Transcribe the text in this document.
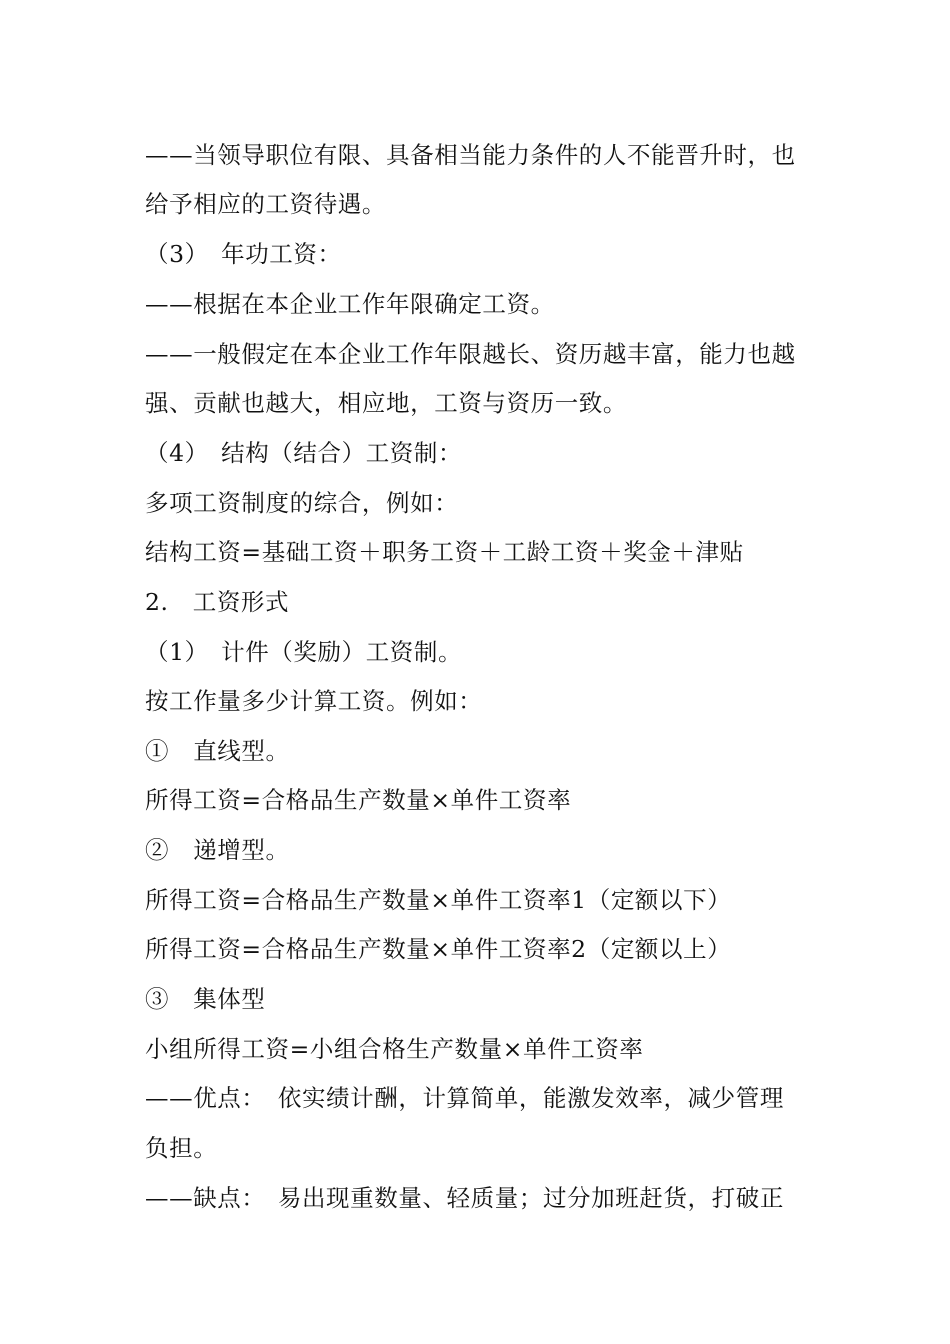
——当领导职位有限、具备相当能力条件的人不能晋升时，也
给予相应的工资待遇。
（3）　年功工资：
——根据在本企业工作年限确定工资。
——一般假定在本企业工作年限越长、资历越丰富，能力也越
强、贡献也越大，相应地，工资与资历一致。
（4）　结构（结合）工资制：
多项工资制度的综合，例如：
结构工资=基础工资＋职务工资＋工龄工资＋奖金＋津贴
2.　工资形式
（1）　计件（奖励）工资制。
按工作量多少计算工资。例如：
①　直线型。
所得工资=合格品生产数量×单件工资率
②　递增型。
所得工资=合格品生产数量×单件工资率1（定额以下）
所得工资=合格品生产数量×单件工资率2（定额以上）
③　集体型
小组所得工资=小组合格生产数量×单件工资率
——优点：　依实绩计酬，计算简单，能激发效率，减少管理
负担。
——缺点：　易出现重数量、轻质量；过分加班赶货，打破正
